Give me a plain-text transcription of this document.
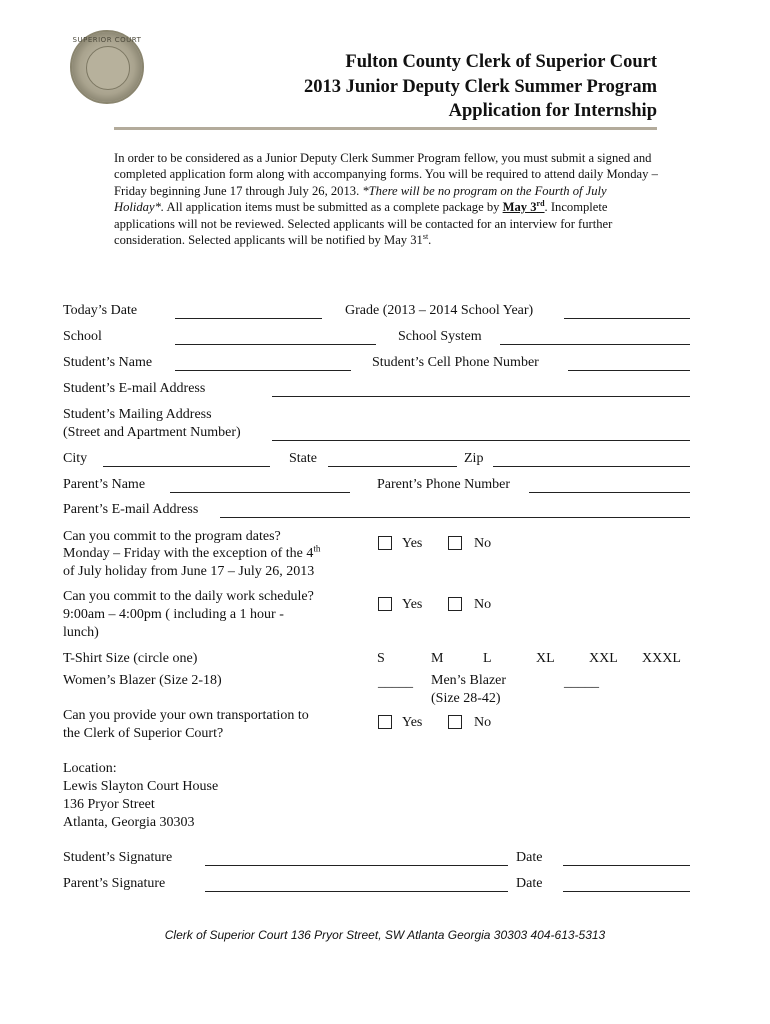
SUPERIOR COURT
Fulton County Clerk of Superior Court
2013 Junior Deputy Clerk Summer Program
Application for Internship
In order to be considered as a Junior Deputy Clerk Summer Program fellow, you must submit a signed and completed application form along with accompanying forms. You will be required to attend daily Monday – Friday beginning June 17 through July 26, 2013. *There will be no program on the Fourth of July Holiday*. All application items must be submitted as a complete package by May 3rd. Incomplete applications will not be reviewed. Selected applicants will be contacted for an interview for further consideration. Selected applicants will be notified by May 31st.
Today’s Date	Grade (2013 – 2014 School Year)
School	School System
Student’s Name	Student’s Cell Phone Number
Student’s E-mail Address
Student’s Mailing Address
(Street and Apartment Number)
City	State	Zip
Parent’s Name	Parent’s Phone Number
Parent’s E-mail Address
Can you commit to the program dates?
Monday – Friday with the exception of the 4th
of July holiday from June 17 – July 26, 2013
Yes	No
Can you commit to the daily work schedule?
9:00am – 4:00pm ( including a 1 hour -
lunch)
Yes	No
T-Shirt Size (circle one)	S	M	L	XL XXL XXXL
Women’s Blazer (Size 2-18)	_____ Men’s Blazer
(Size 28-42)
_____
Can you provide your own transportation to
the Clerk of Superior Court?
Yes	No
Location:
Lewis Slayton Court House
136 Pryor Street
Atlanta, Georgia 30303
Student’s Signature	Date
Parent’s Signature	Date
Clerk of Superior Court 136 Pryor Street, SW Atlanta Georgia 30303 404-613-5313
